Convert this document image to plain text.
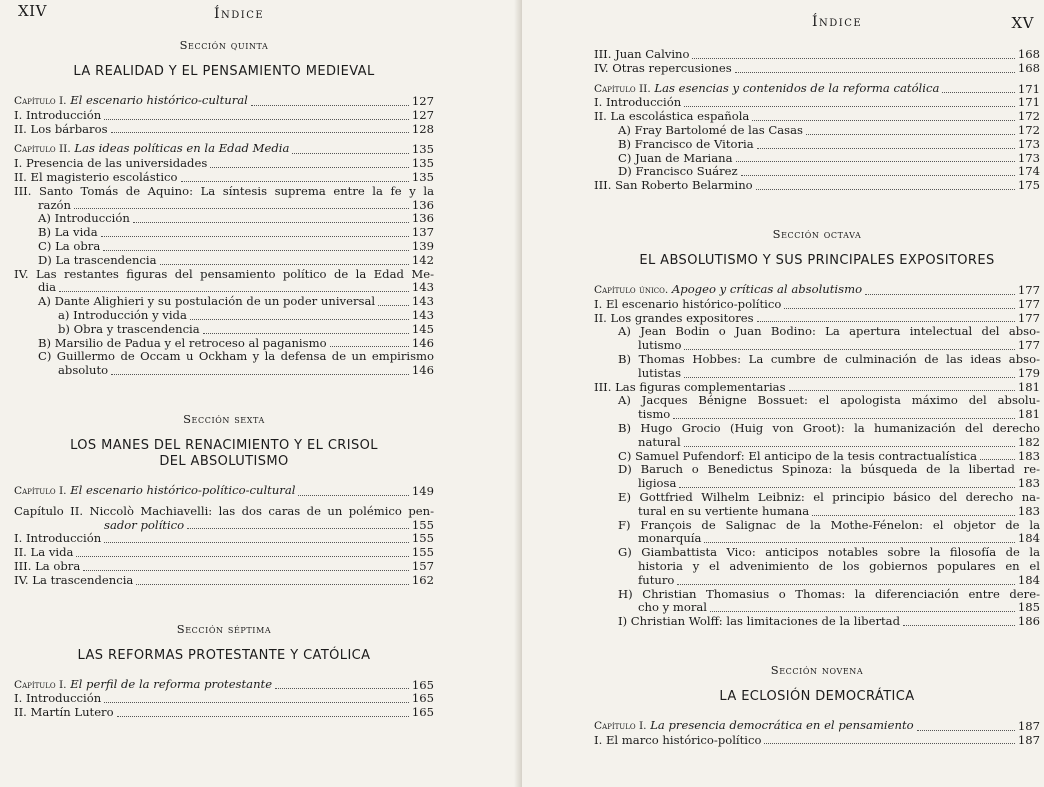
XIV	Índice
Sección quinta
LA REALIDAD Y EL PENSAMIENTO MEDIEVAL
Capítulo I. El escenario histórico-cultural	127
I. Introducción	127
II. Los bárbaros	128
Capítulo II. Las ideas políticas en la Edad Media	135
I. Presencia de las universidades	135
II. El magisterio escolástico	135
III. Santo Tomás de Aquino: La síntesis suprema entre la fe y la
razón	136
A) Introducción	136
B) La vida	137
C) La obra	139
D) La trascendencia	142
IV. Las restantes figuras del pensamiento político de la Edad Me-
dia	143
A) Dante Alighieri y su postulación de un poder universal	143
a) Introducción y vida	143
b) Obra y trascendencia	145
B) Marsilio de Padua y el retroceso al paganismo	146
C) Guillermo de Occam u Ockham y la defensa de un empirismo
absoluto	146
Sección sexta
LOS MANES DEL RENACIMIENTO Y EL CRISOL
DEL ABSOLUTISMO
Capítulo I. El escenario histórico-político-cultural	149
Capítulo II. Niccolò Machiavelli: las dos caras de un polémico pen-
sador político	155
I. Introducción	155
II. La vida	155
III. La obra	157
IV. La trascendencia	162
Sección séptima
LAS REFORMAS PROTESTANTE Y CATÓLICA
Capítulo I. El perfil de la reforma protestante	165
I. Introducción	165
II. Martín Lutero	165
Índice	XV
III. Juan Calvino	168
IV. Otras repercusiones	168
Capítulo II. Las esencias y contenidos de la reforma católica	171
I. Introducción	171
II. La escolástica española	172
A) Fray Bartolomé de las Casas	172
B) Francisco de Vitoria	173
C) Juan de Mariana	173
D) Francisco Suárez	174
III. San Roberto Belarmino	175
Sección octava
EL ABSOLUTISMO Y SUS PRINCIPALES EXPOSITORES
Capítulo único. Apogeo y críticas al absolutismo	177
I. El escenario histórico-político	177
II. Los grandes expositores	177
A) Jean Bodin o Juan Bodino: La apertura intelectual del abso-
lutismo	177
B) Thomas Hobbes: La cumbre de culminación de las ideas abso-
lutistas	179
III. Las figuras complementarias	181
A) Jacques Bénigne Bossuet: el apologista máximo del absolu-
tismo	181
B) Hugo Grocio (Huig von Groot): la humanización del derecho
natural	182
C) Samuel Pufendorf: El anticipo de la tesis contractualística	183
D) Baruch o Benedictus Spinoza: la búsqueda de la libertad re-
ligiosa	183
E) Gottfried Wilhelm Leibniz: el principio básico del derecho na-
tural en su vertiente humana	183
F) François de Salignac de la Mothe-Fénelon: el objetor de la
monarquía	184
G) Giambattista Vico: anticipos notables sobre la filosofía de la
historia y el advenimiento de los gobiernos populares en el
futuro	184
H) Christian Thomasius o Thomas: la diferenciación entre dere-
cho y moral	185
I) Christian Wolff: las limitaciones de la libertad	186
Sección novena
LA ECLOSIÓN DEMOCRÁTICA
Capítulo I. La presencia democrática en el pensamiento	187
I. El marco histórico-político	187
